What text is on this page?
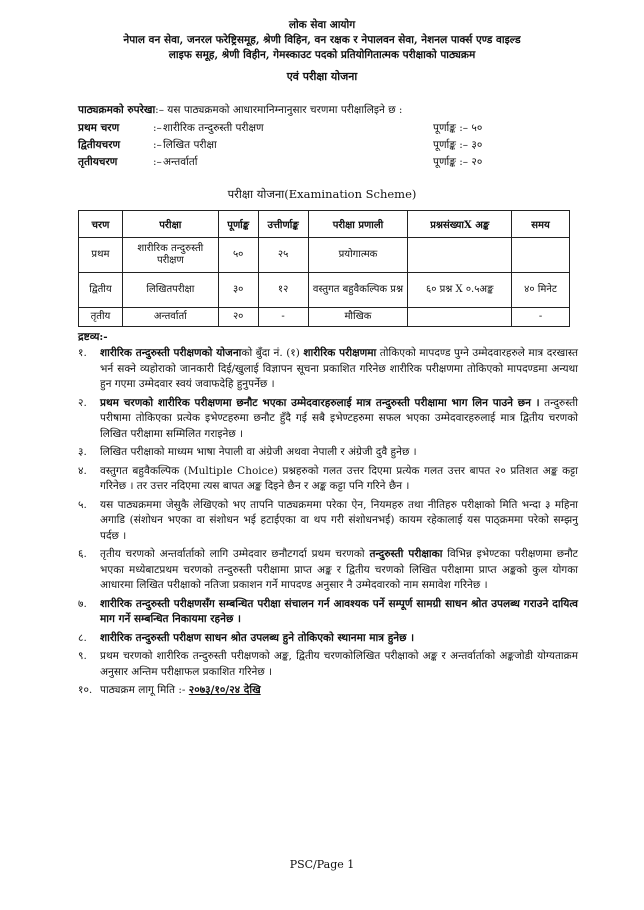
लोक सेवा आयोग
नेपाल वन सेवा, जनरल फरेष्ट्रिसमूह, श्रेणी विहिन, वन रक्षक र नेपालवन सेवा, नेशनल पार्क्स एण्ड वाइल्ड
लाइफ समूह, श्रेणी विहीन, गेमस्काउट पदको प्रतियोगितात्मक परीक्षाको पाठ्यक्रम
एवं परीक्षा योजना
पाठ्यक्रमको रुपरेखा:– यस पाठ्यक्रमको आधारमानिम्नानुसार चरणमा परीक्षालिइने छ :
प्रथम चरण	:– शारीरिक तन्दुरुस्ती परीक्षण	पूर्णाङ्क :– ५०
द्वितीयचरण	:– लिखित परीक्षा	पूर्णाङ्क :– ३०
तृतीयचरण	:– अन्तर्वार्ता	पूर्णाङ्क :– २०
परीक्षा योजना(Examination Scheme)
चरण	परीक्षा	पूर्णाङ्क	उत्तीर्णाङ्क	परीक्षा प्रणाली	प्रश्नसंख्याX अङ्क	समय
प्रथम	शारीरिक तन्दुरुस्ती परीक्षण	५०	२५	प्रयोगात्मक		
द्वितीय	लिखितपरीक्षा	३०	१२	वस्तुगत बहुवैकल्पिक प्रश्न	६० प्रश्न X ०.५अङ्क	४० मिनेट
तृतीय	अन्तर्वार्ता	२०	-	मौखिक		-
द्रष्टव्य:-
१.	शारीरिक तन्दुरुस्ती परीक्षणको योजनाको बुँदा नं. (१) शारीरिक परीक्षणमा तोकिएको मापदण्ड पुग्ने उम्मेदवारहरुले मात्र दरखास्त भर्न सक्ने व्यहोराको जानकारी दिई/खुलाई विज्ञापन सूचना प्रकाशित गरिनेछ शारीरिक परीक्षणमा तोकिएको मापदण्डमा अन्यथा हुन गएमा उम्मेदवार स्वयं जवाफदेहि हुनुपर्नेछ ।
२.	प्रथम चरणको शारीरिक परीक्षणमा छनौट भएका उम्मेदवारहरुलाई मात्र तन्दुरुस्ती परीक्षामा भाग लिन पाउने छन । तन्दुरुस्ती परीषामा तोकिएका प्रत्येक इभेण्टहरुमा छनौट हुँदै गई सबै इभेण्टहरुमा सफल भएका उम्मेदवारहरुलाई मात्र द्वितीय चरणको लिखित परीक्षामा सम्मिलित गराइनेछ ।
३.	लिखित परीक्षाको माध्यम भाषा नेपाली वा अंग्रेजी अथवा नेपाली र अंग्रेजी दुवै हुनेछ ।
४.	वस्तुगत बहुवैकल्पिक (Multiple Choice) प्रश्नहरुको गलत उत्तर दिएमा प्रत्येक गलत उत्तर बापत २० प्रतिशत अङ्क कट्टा गरिनेछ । तर उत्तर नदिएमा त्यस बापत अङ्क दिइने छैन र अङ्क कट्टा पनि गरिने छैन ।
५.	यस पाठ्यक्रममा जेसुकै लेखिएको भए तापनि पाठ्यक्रममा परेका ऐन, नियमहरु तथा नीतिहरु परीक्षाको मिति भन्दा ३ महिना अगाडि (संशोधन भएका वा संशोधन भई हटाईएका वा थप गरी संशोधनभई) कायम रहेकालाई यस पाठ्क्रममा परेको सम्झनु पर्दछ ।
६.	तृतीय चरणको अन्तर्वार्ताको लागि उम्मेदवार छनौटगर्दा प्रथम चरणको तन्दुरुस्ती परीक्षाका विभिन्न इभेण्टका परीक्षणमा छनौट भएका मध्येबाटप्रथम चरणको तन्दुरुस्ती परीक्षामा प्राप्त अङ्क र द्वितीय चरणको लिखित परीक्षामा प्राप्त अङ्कको कुल योगका आधारमा लिखित परीक्षाको नतिजा प्रकाशन गर्ने मापदण्ड अनुसार नै उम्मेदवारको नाम समावेश गरिनेछ ।
७.	शारीरिक तन्दुरुस्ती परीक्षणसँग सम्बन्धित परीक्षा संचालन गर्न आवश्यक पर्ने सम्पूर्ण सामग्री साधन श्रोत उपलब्ध गराउने दायित्व माग गर्ने सम्बन्धित निकायमा रहनेछ ।
८.	शारीरिक तन्दुरुस्ती परीक्षण साधन श्रोत उपलब्ध हुने तोकिएको स्थानमा मात्र हुनेछ ।
९.	प्रथम चरणको शारीरिक तन्दुरुस्ती परीक्षणको अङ्क, द्वितीय चरणकोलिखित परीक्षाको अङ्क र अन्तर्वार्ताको अङ्कजोडी योग्यताक्रम अनुसार अन्तिम परीक्षाफल प्रकाशित गरिनेछ ।
१०. पाठ्यक्रम लागू मिति :- २०७३/१०/२४ देखि
PSC/Page 1
